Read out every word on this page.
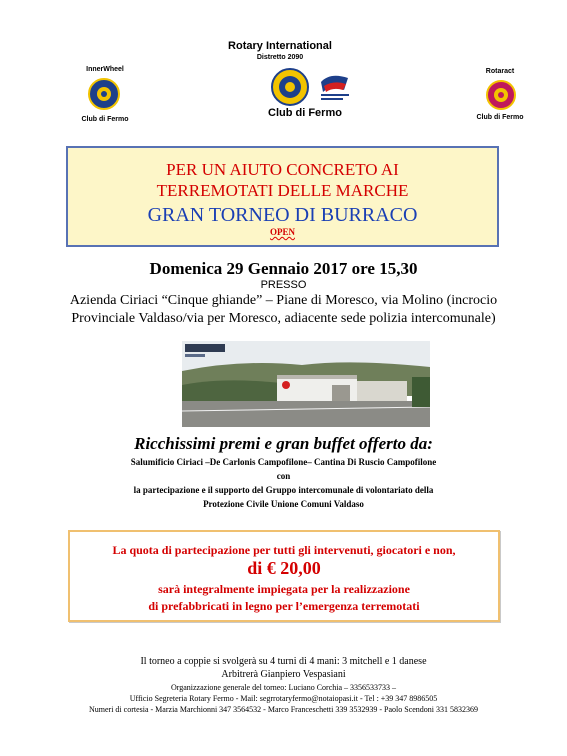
Rotary International
Distretto 2090
InnerWheel
Club di Fermo
Club di Fermo
Rotaract
Club di Fermo
PER UN AIUTO CONCRETO AI
TERREMOTATI DELLE MARCHE
GRAN TORNEO DI BURRACO
OPEN
Domenica 29 Gennaio 2017 ore 15,30
PRESSO
Azienda Ciriaci “Cinque ghiande” – Piane di Moresco, via Molino (incrocio
Provinciale Valdaso/via per Moresco, adiacente sede polizia intercomunale)
Ricchissimi premi e gran buffet offerto da:
Salumificio Ciriaci –De Carlonis Campofilone– Cantina Di Ruscio Campofilone
con
la partecipazione e il supporto del Gruppo intercomunale di volontariato della
Protezione Civile Unione Comuni Valdaso
La quota di partecipazione per tutti gli intervenuti, giocatori e non,
di € 20,00
sarà integralmente impiegata per la realizzazione
di prefabbricati in legno per l’emergenza terremotati
Il torneo a coppie si svolgerà su 4 turni di 4 mani: 3 mitchell e 1 danese
Arbitrerà Gianpiero Vespasiani
Organizzazione generale del torneo: Luciano Corchia – 3356533733 –
Ufficio Segreteria Rotary Fermo - Mail: segrrotaryfermo@notaiopasi.it - Tel : +39 347 8986505
Numeri di cortesia - Marzia Marchionni 347 3564532 - Marco Franceschetti 339 3532939 - Paolo Scendoni 331 5832369
